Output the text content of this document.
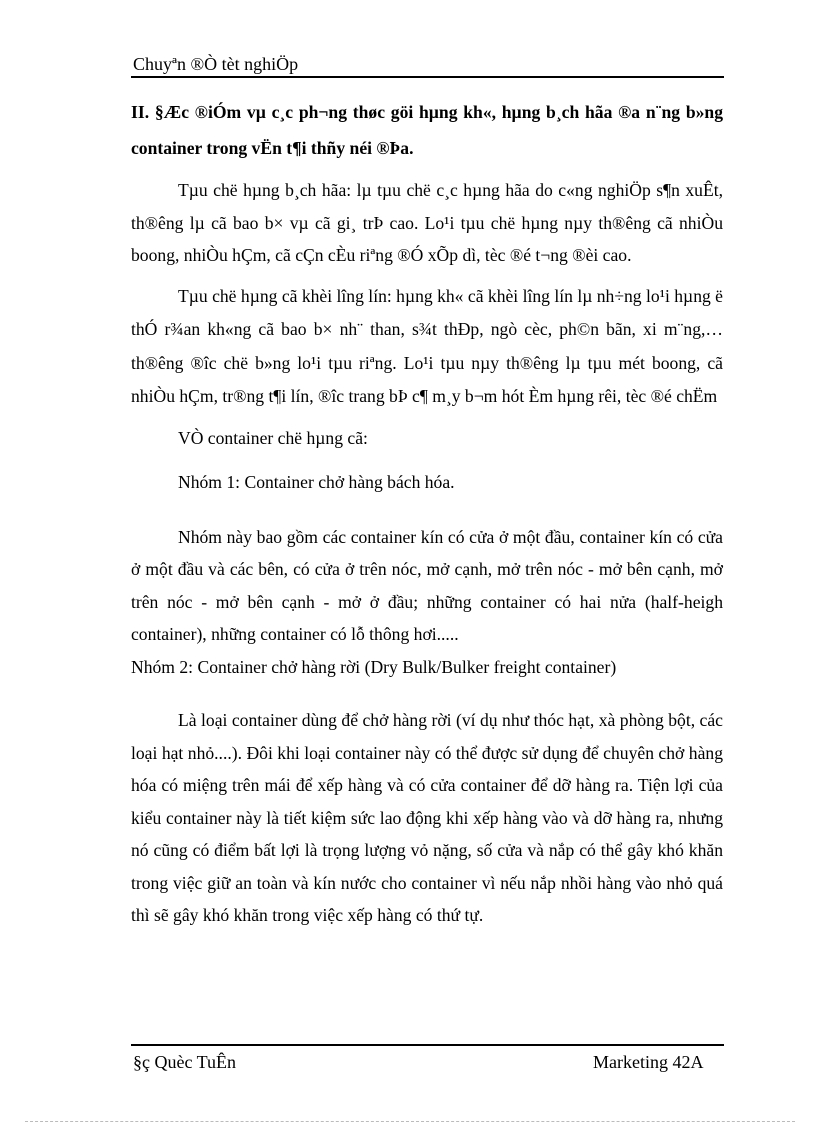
Chuyªn ®Ò tèt nghiÖp

II. §Æc ®iÓm vµ c¸c ph¬ng thøc göi hµng kh«, hµng b¸ch hãa ®a n¨ng b»ng container trong vËn t¶i thñy néi ®Þa.

Tµu chë hµng b¸ch hãa: lµ tµu chë c¸c hµng hãa do c«ng nghiÖp s¶n xuÊt, th®êng lµ cã bao b× vµ cã gi¸ trÞ cao. Lo¹i tµu chë hµng nµy th®êng cã nhiÒu boong, nhiÒu hÇm, cã cÇn cÈu riªng ®Ó xÕp dì, tèc ®é t¬ng ®èi cao.

Tµu chë hµng cã khèi lîng lín: hµng kh« cã khèi lîng lín lµ nh÷ng lo¹i hµng ë thÓ r¾an kh«ng cã bao b× nh¨ than, s¾t thÐp, ngò cèc, ph©n bãn, xi m¨ng,…th®êng ®îc chë b»ng lo¹i tµu riªng. Lo¹i tµu nµy th®êng lµ tµu mét boong, cã nhiÒu hÇm, tr®ng t¶i lín, ®îc trang bÞ c¶ m¸y b¬m hót Èm hµng rêi, tèc ®é chËm

VÒ container chë hµng cã:

Nhóm 1: Container chở hàng bách hóa.

Nhóm này bao gồm các container kín có cửa ở một đầu, container kín có cửa ở một đầu và các bên, có cửa ở trên nóc, mở cạnh, mở trên nóc - mở bên cạnh, mở trên nóc - mở bên cạnh - mở ở đầu; những container có hai nửa (half-heigh container), những container có lỗ thông hơi.....

Nhóm 2: Container chở hàng rời (Dry Bulk/Bulker freight container)

Là loại container dùng để chở hàng rời (ví dụ như thóc hạt, xà phòng bột, các loại hạt nhỏ....). Đôi khi loại container này có thể được sử dụng để chuyên chở hàng hóa có miệng trên mái để xếp hàng và có cửa container để dỡ hàng ra. Tiện lợi của kiểu container này là tiết kiệm sức lao động khi xếp hàng vào và dỡ hàng ra, nhưng nó cũng có điểm bất lợi là trọng lượng vỏ nặng, số cửa và nắp có thể gây khó khăn trong việc giữ an toàn và kín nước cho container vì nếu nắp nhồi hàng vào nhỏ quá thì sẽ gây khó khăn trong việc xếp hàng có thứ tự.

§ç Quèc TuÊn	Marketing 42A
